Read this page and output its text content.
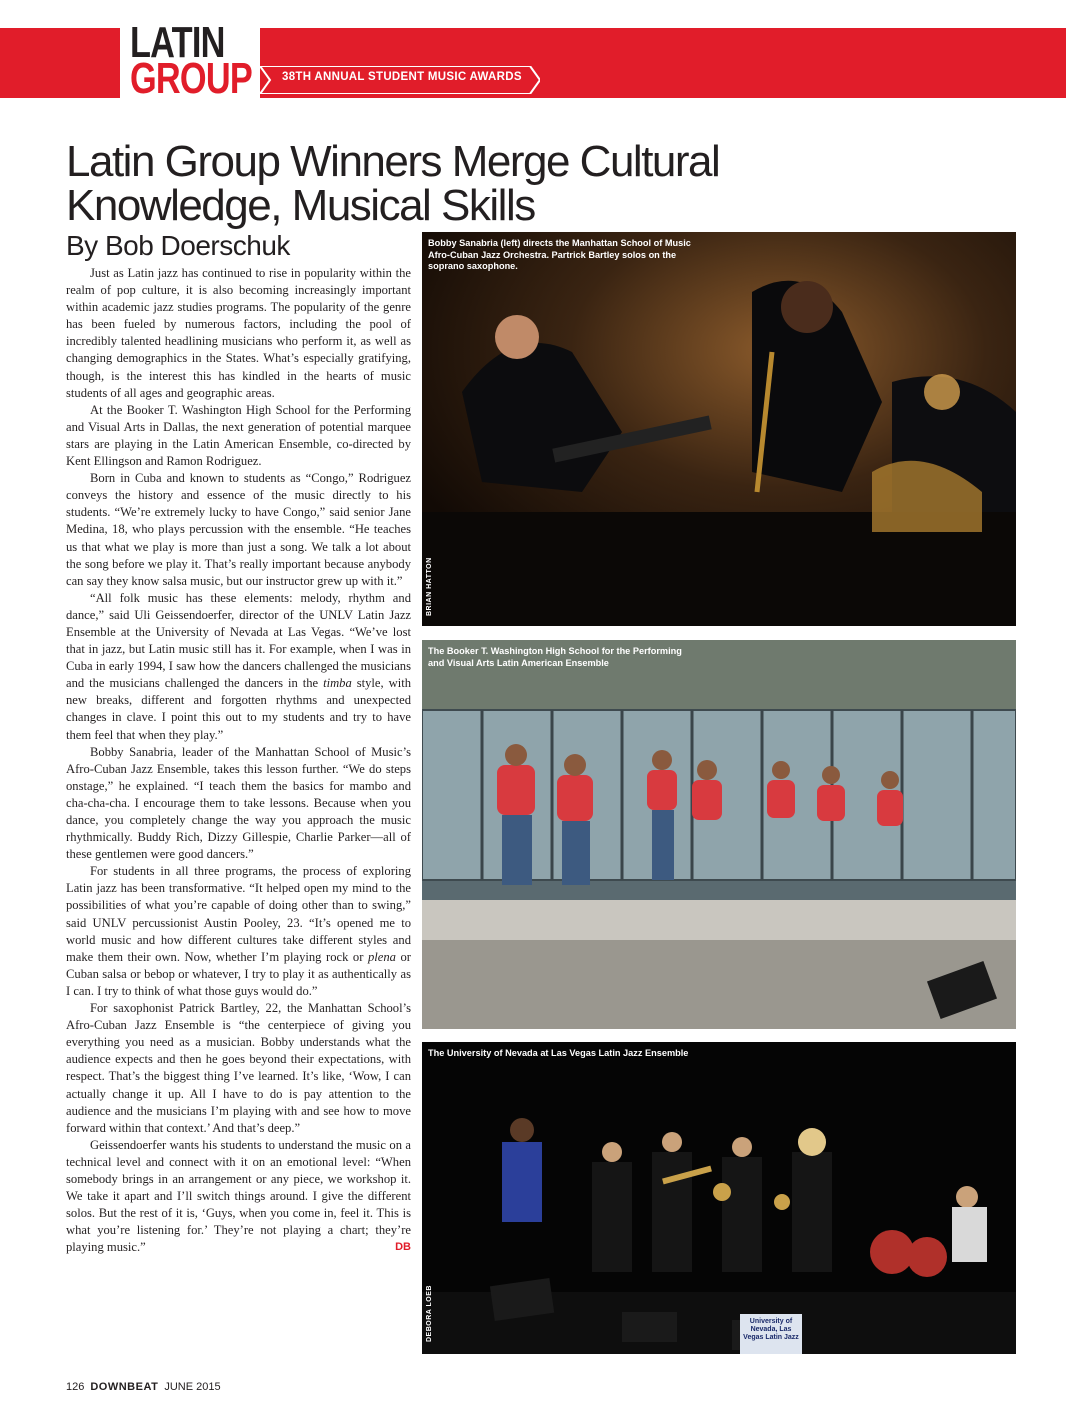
LATIN
GROUP	38TH ANNUAL STUDENT MUSIC AWARDS
Latin Group Winners Merge Cultural Knowledge, Musical Skills
By Bob Doerschuk

Just as Latin jazz has continued to rise in popularity within the realm of pop culture, it is also becoming increasingly important within academic jazz studies programs. The popularity of the genre has been fueled by numerous factors, including the pool of incredibly talented headlining musicians who perform it, as well as changing demographics in the States. What’s especially gratifying, though, is the interest this has kindled in the hearts of music students of all ages and geographic areas.

At the Booker T. Washington High School for the Performing and Visual Arts in Dallas, the next generation of potential marquee stars are playing in the Latin American Ensemble, co-directed by Kent Ellingson and Ramon Rodriguez.

Born in Cuba and known to students as “Congo,” Rodriguez conveys the history and essence of the music directly to his students. “We’re extremely lucky to have Congo,” said senior Jane Medina, 18, who plays percussion with the ensemble. “He teaches us that what we play is more than just a song. We talk a lot about the song before we play it. That’s really important because anybody can say they know salsa music, but our instructor grew up with it.”

“All folk music has these elements: melody, rhythm and dance,” said Uli Geissendoerfer, director of the UNLV Latin Jazz Ensemble at the University of Nevada at Las Vegas. “We’ve lost that in jazz, but Latin music still has it. For example, when I was in Cuba in early 1994, I saw how the dancers challenged the musicians and the musicians challenged the dancers in the timba style, with new breaks, different and forgotten rhythms and unexpected changes in clave. I point this out to my students and try to have them feel that when they play.”

Bobby Sanabria, leader of the Manhattan School of Music’s Afro-Cuban Jazz Ensemble, takes this lesson further. “We do steps onstage,” he explained. “I teach them the basics for mambo and cha-cha-cha. I encourage them to take lessons. Because when you dance, you completely change the way you approach the music rhythmically. Buddy Rich, Dizzy Gillespie, Charlie Parker—all of these gentlemen were good dancers.”

For students in all three programs, the process of exploring Latin jazz has been transformative. “It helped open my mind to the possibilities of what you’re capable of doing other than to swing,” said UNLV percussionist Austin Pooley, 23. “It’s opened me to world music and how different cultures take different styles and make them their own. Now, whether I’m playing rock or plena or Cuban salsa or bebop or whatever, I try to play it as authentically as I can. I try to think of what those guys would do.”

For saxophonist Patrick Bartley, 22, the Manhattan School’s Afro-Cuban Jazz Ensemble is “the centerpiece of giving you everything you need as a musician. Bobby understands what the audience expects and then he goes beyond their expectations, with respect. That’s the biggest thing I’ve learned. It’s like, ‘Wow, I can actually change it up. All I have to do is pay attention to the audience and the musicians I’m playing with and see how to move forward within that context.’ And that’s deep.”

Geissendoerfer wants his students to understand the music on a technical level and connect with it on an emotional level: “When somebody brings in an arrangement or any piece, we workshop it. We take it apart and I’ll switch things around. I give the different solos. But the rest of it is, ‘Guys, when you come in, feel it. This is what you’re listening for.’ They’re not playing a chart; they’re playing music.”	DB

Bobby Sanabria (left) directs the Manhattan School of Music Afro-Cuban Jazz Orchestra. Partrick Bartley solos on the soprano saxophone.
BRIAN HATTON
The Booker T. Washington High School for the Performing and Visual Arts Latin American Ensemble
The University of Nevada at Las Vegas Latin Jazz Ensemble
DEBORA LOEB	University of Nevada, Las Vegas Latin Jazz
126 DOWNBEAT JUNE 2015
